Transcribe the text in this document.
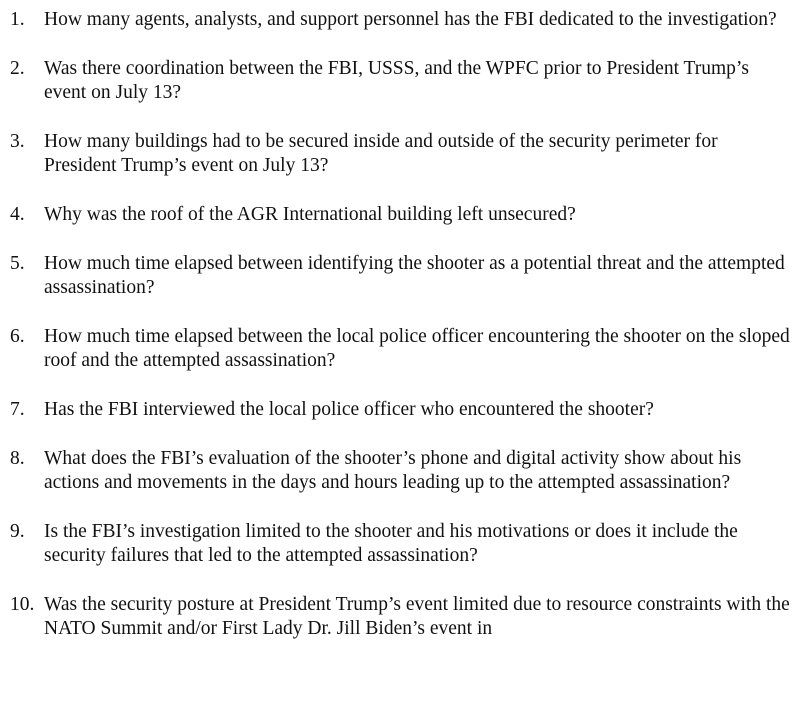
1. How many agents, analysts, and support personnel has the FBI dedicated to the investigation?
2. Was there coordination between the FBI, USSS, and the WPFC prior to President Trump’s event on July 13?
3. How many buildings had to be secured inside and outside of the security perimeter for President Trump’s event on July 13?
4. Why was the roof of the AGR International building left unsecured?
5. How much time elapsed between identifying the shooter as a potential threat and the attempted assassination?
6. How much time elapsed between the local police officer encountering the shooter on the sloped roof and the attempted assassination?
7. Has the FBI interviewed the local police officer who encountered the shooter?
8. What does the FBI’s evaluation of the shooter’s phone and digital activity show about his actions and movements in the days and hours leading up to the attempted assassination?
9. Is the FBI’s investigation limited to the shooter and his motivations or does it include the security failures that led to the attempted assassination?
10. Was the security posture at President Trump’s event limited due to resource constraints with the NATO Summit and/or First Lady Dr. Jill Biden’s event in
